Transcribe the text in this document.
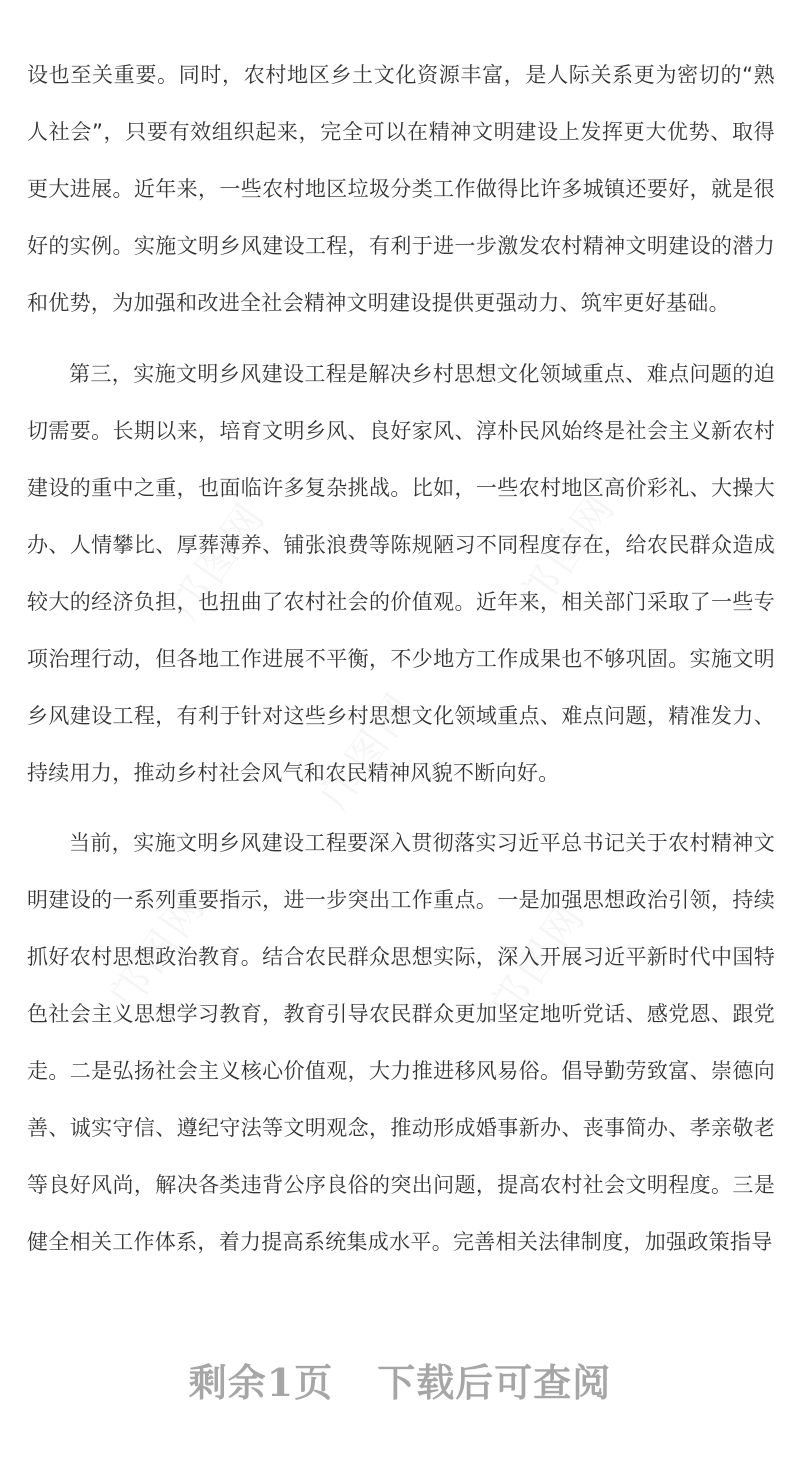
设也至关重要。同时，农村地区乡土文化资源丰富，是人际关系更为密切的“熟人社会”，只要有效组织起来，完全可以在精神文明建设上发挥更大优势、取得更大进展。近年来，一些农村地区垃圾分类工作做得比许多城镇还要好，就是很好的实例。实施文明乡风建设工程，有利于进一步激发农村精神文明建设的潜力和优势，为加强和改进全社会精神文明建设提供更强动力、筑牢更好基础。

第三，实施文明乡风建设工程是解决乡村思想文化领域重点、难点问题的迫切需要。长期以来，培育文明乡风、良好家风、淳朴民风始终是社会主义新农村建设的重中之重，也面临许多复杂挑战。比如，一些农村地区高价彩礼、大操大办、人情攀比、厚葬薄养、铺张浪费等陈规陋习不同程度存在，给农民群众造成较大的经济负担，也扭曲了农村社会的价值观。近年来，相关部门采取了一些专项治理行动，但各地工作进展不平衡，不少地方工作成果也不够巩固。实施文明乡风建设工程，有利于针对这些乡村思想文化领域重点、难点问题，精准发力、持续用力，推动乡村社会风气和农民精神风貌不断向好。

当前，实施文明乡风建设工程要深入贯彻落实习近平总书记关于农村精神文明建设的一系列重要指示，进一步突出工作重点。一是加强思想政治引领，持续抓好农村思想政治教育。结合农民群众思想实际，深入开展习近平新时代中国特色社会主义思想学习教育，教育引导农民群众更加坚定地听党话、感党恩、跟党走。二是弘扬社会主义核心价值观，大力推进移风易俗。倡导勤劳致富、崇德向善、诚实守信、遵纪守法等文明观念，推动形成婚事新办、丧事简办、孝亲敬老等良好风尚，解决各类违背公序良俗的突出问题，提高农村社会文明程度。三是健全相关工作体系，着力提高系统集成水平。完善相关法律制度，加强政策指导

邝图网	邝图网
邝图网
邝图网	邝图网
剩余1页 下载后可查阅
